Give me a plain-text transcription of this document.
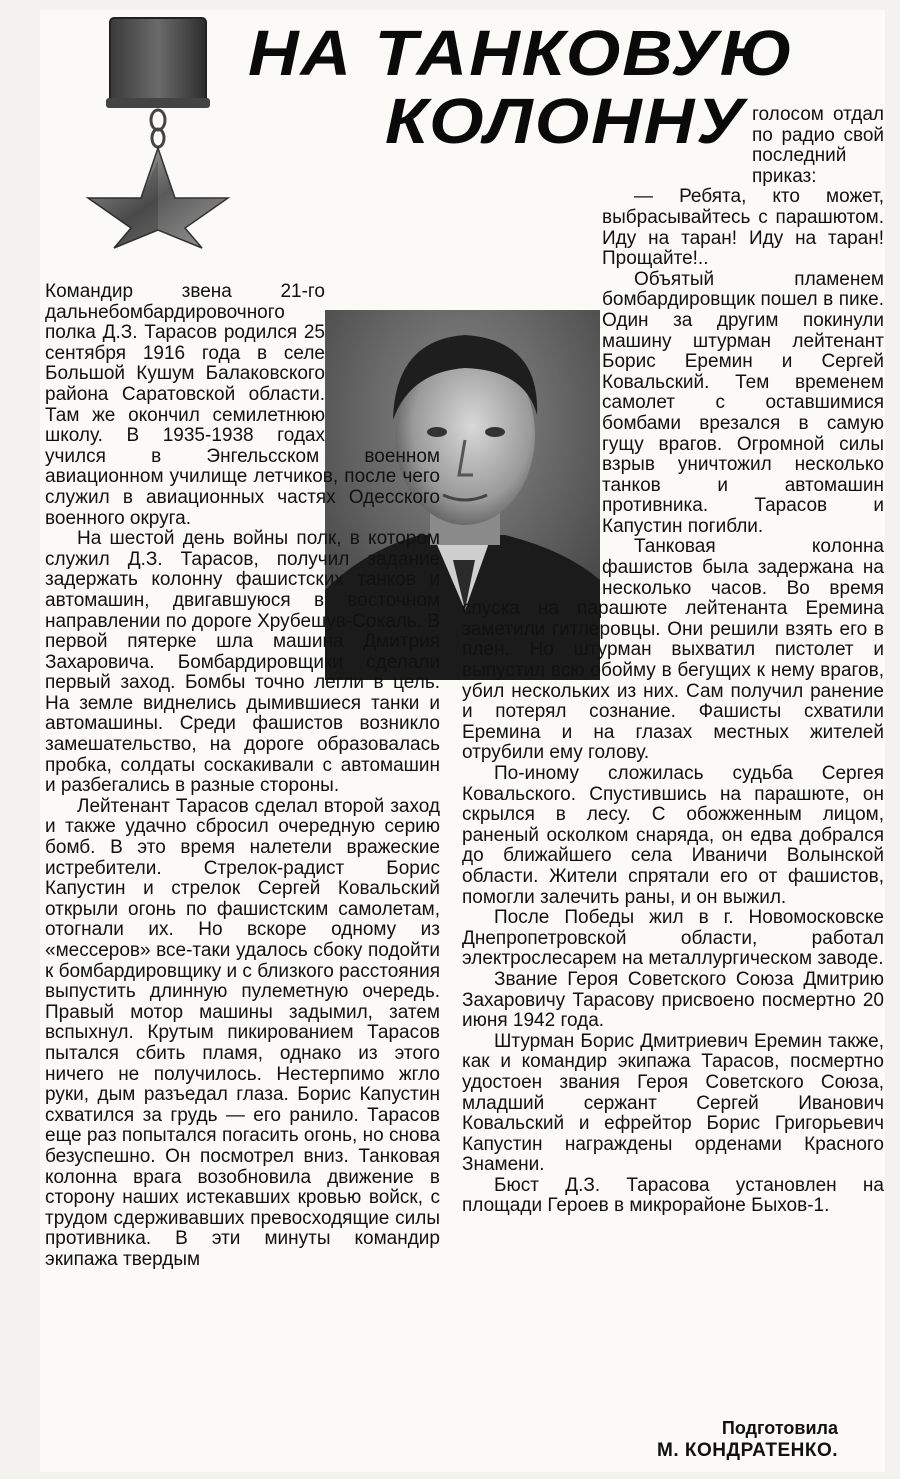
НА ТАНКОВУЮ
КОЛОННУ

Командир звена 21-го дальнебомбардировочного полка Д.З. Тарасов родился 25 сентября 1916 года в селе Большой Кушум Балаковского района Саратовской области. Там же окончил семилетнюю школу. В 1935-1938 годах учился в Энгельсском военном авиационном училище летчиков, после чего служил в авиационных частях Одесского военного округа.

На шестой день войны полк, в котором служил Д.З. Тарасов, получил задание задержать колонну фашистских танков и автомашин, двигавшуюся в восточном направлении по дороге Хрубешув-Сокаль. В первой пятерке шла машина Дмитрия Захаровича. Бомбардировщики сделали первый заход. Бомбы точно легли в цель. На земле виднелись дымившиеся танки и автомашины. Среди фашистов возникло замешательство, на дороге образовалась пробка, солдаты соскакивали с автомашин и разбегались в разные стороны.

Лейтенант Тарасов сделал второй заход и также удачно сбросил очередную серию бомб. В это время налетели вражеские истребители. Стрелок-радист Борис Капустин и стрелок Сергей Ковальский открыли огонь по фашистским самолетам, отогнали их. Но вскоре одному из «мессеров» все-таки удалось сбоку подойти к бомбардировщику и с близкого расстояния выпустить длинную пулеметную очередь. Правый мотор машины задымил, затем вспыхнул. Крутым пикированием Тарасов пытался сбить пламя, однако из этого ничего не получилось. Нестерпимо жгло руки, дым разъедал глаза. Борис Капустин схватился за грудь — его ранило. Тарасов еще раз попытался погасить огонь, но снова безуспешно. Он посмотрел вниз. Танковая колонна врага возобновила движение в сторону наших истекавших кровью войск, с трудом сдерживавших превосходящие силы противника. В эти минуты командир экипажа твердым

голосом отдал по радио свой последний приказ:

— Ребята, кто может, выбрасывайтесь с парашютом. Иду на таран! Иду на таран! Прощайте!..

Объятый пламенем бомбардировщик пошел в пике. Один за другим покинули машину штурман лейтенант Борис Еремин и Сергей Ковальский. Тем временем самолет с оставшимися бомбами врезался в самую гущу врагов. Огромной силы взрыв уничтожил несколько танков и автомашин противника. Тарасов и Капустин погибли.

Танковая колонна фашистов была задержана на несколько часов. Во время спуска на парашюте лейтенанта Еремина заметили гитлеровцы. Они решили взять его в плен. Но штурман выхватил пистолет и выпустил всю обойму в бегущих к нему врагов, убил нескольких из них. Сам получил ранение и потерял сознание. Фашисты схватили Еремина и на глазах местных жителей отрубили ему голову.

По-иному сложилась судьба Сергея Ковальского. Спустившись на парашюте, он скрылся в лесу. С обожженным лицом, раненый осколком снаряда, он едва добрался до ближайшего села Иваничи Волынской области. Жители спрятали его от фашистов, помогли залечить раны, и он выжил.

После Победы жил в г. Новомосковске Днепропетровской области, работал электрослесарем на металлургическом заводе.

Звание Героя Советского Союза Дмитрию Захаровичу Тарасову присвоено посмертно 20 июня 1942 года.

Штурман Борис Дмитриевич Еремин также, как и командир экипажа Тарасов, посмертно удостоен звания Героя Советского Союза, младший сержант Сергей Иванович Ковальский и ефрейтор Борис Григорьевич Капустин награждены орденами Красного Знамени.

Бюст Д.З. Тарасова установлен на площади Героев в микрорайоне Быхов-1.

Подготовила
М. КОНДРАТЕНКО.
